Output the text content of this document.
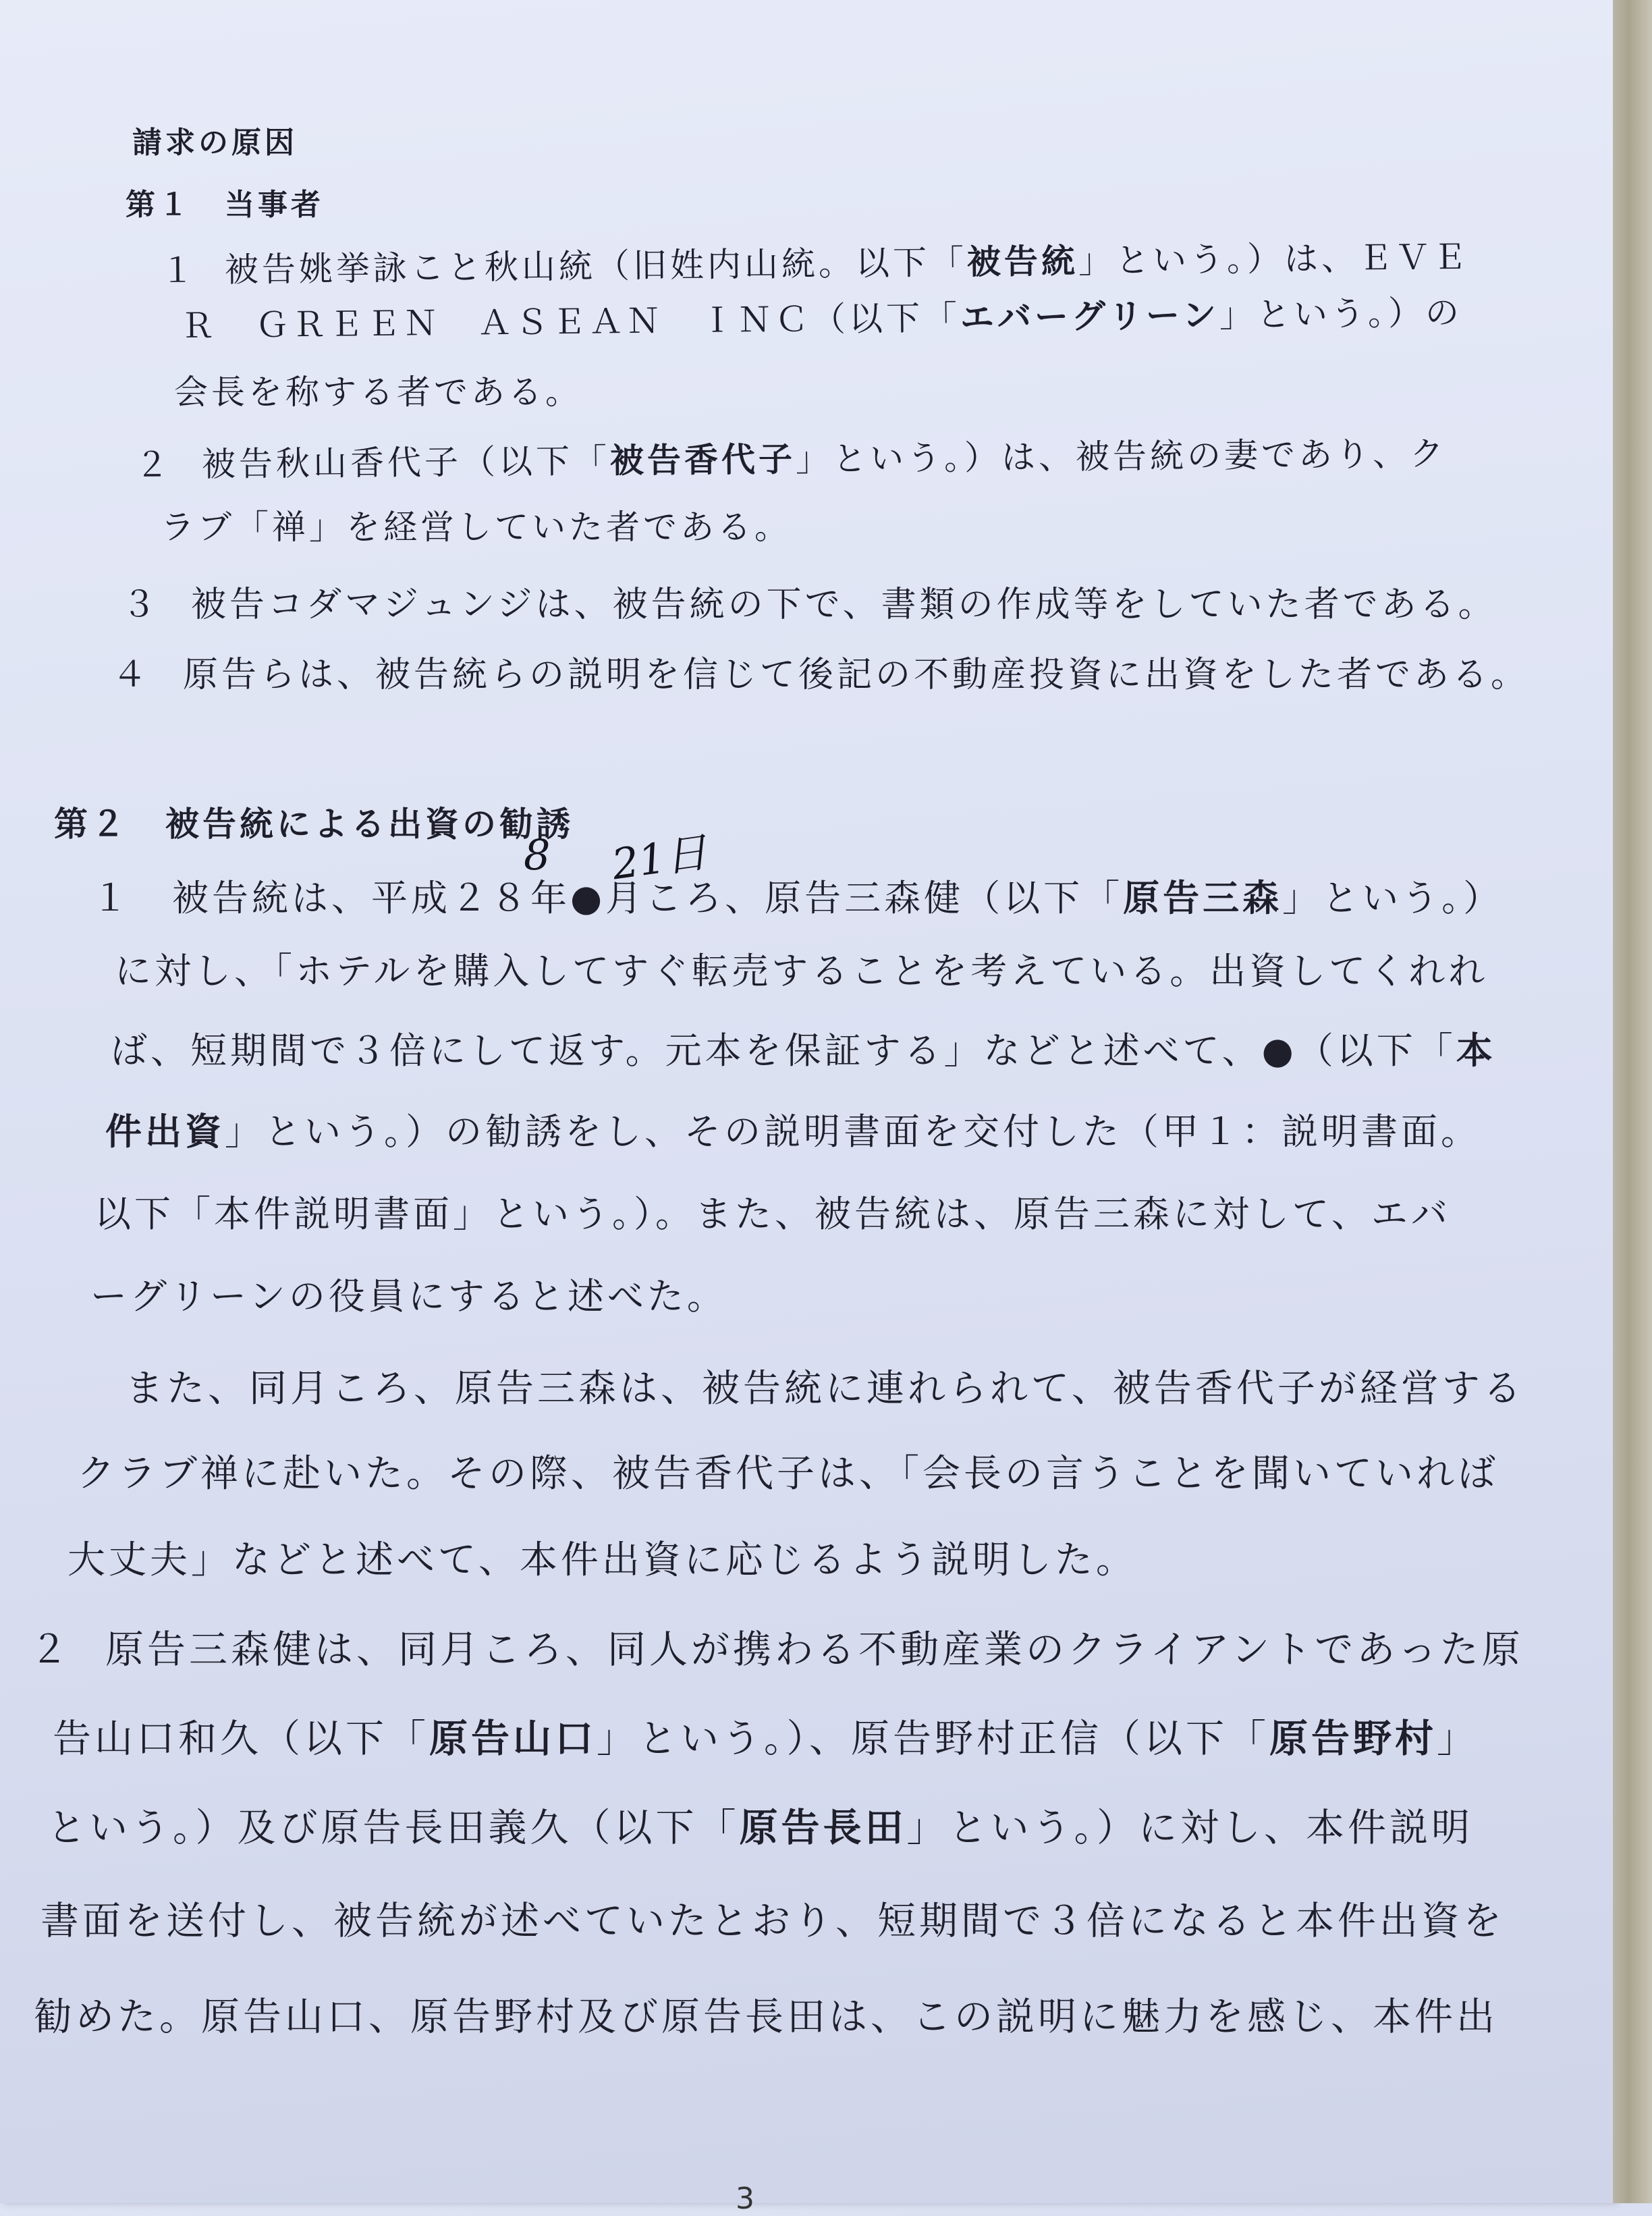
請求の原因
第１　当事者
１ 被告姚挙詠こと秋山統（旧姓内山統。以下「被告統」という。）は、ＥＶＥ
Ｒ　ＧＲＥＥＮ　ＡＳＥＡＮ　ＩＮＣ（以下「エバーグリーン」という。）の
会長を称する者である。
２ 被告秋山香代子（以下「被告香代子」という。）は、被告統の妻であり、ク
ラブ「禅」を経営していた者である。
３ 被告コダマジュンジは、被告統の下で、書類の作成等をしていた者である。
４ 原告らは、被告統らの説明を信じて後記の不動産投資に出資をした者である。
第２　被告統による出資の勧誘
8 21日
１ 被告統は、平成２８年●月ころ、原告三森健（以下「原告三森」という。）
に対し、「ホテルを購入してすぐ転売することを考えている。出資してくれれ
ば、短期間で３倍にして返す。元本を保証する」などと述べて、●（以下「本
件出資」という。）の勧誘をし、その説明書面を交付した（甲１：説明書面。
以下「本件説明書面」という。）。また、被告統は、原告三森に対して、エバ
ーグリーンの役員にすると述べた。
また、同月ころ、原告三森は、被告統に連れられて、被告香代子が経営する
クラブ禅に赴いた。その際、被告香代子は、「会長の言うことを聞いていれば
大丈夫」などと述べて、本件出資に応じるよう説明した。
２ 原告三森健は、同月ころ、同人が携わる不動産業のクライアントであった原
告山口和久（以下「原告山口」という。）、原告野村正信（以下「原告野村」
という。）及び原告長田義久（以下「原告長田」という。）に対し、本件説明
書面を送付し、被告統が述べていたとおり、短期間で３倍になると本件出資を
勧めた。原告山口、原告野村及び原告長田は、この説明に魅力を感じ、本件出
3
